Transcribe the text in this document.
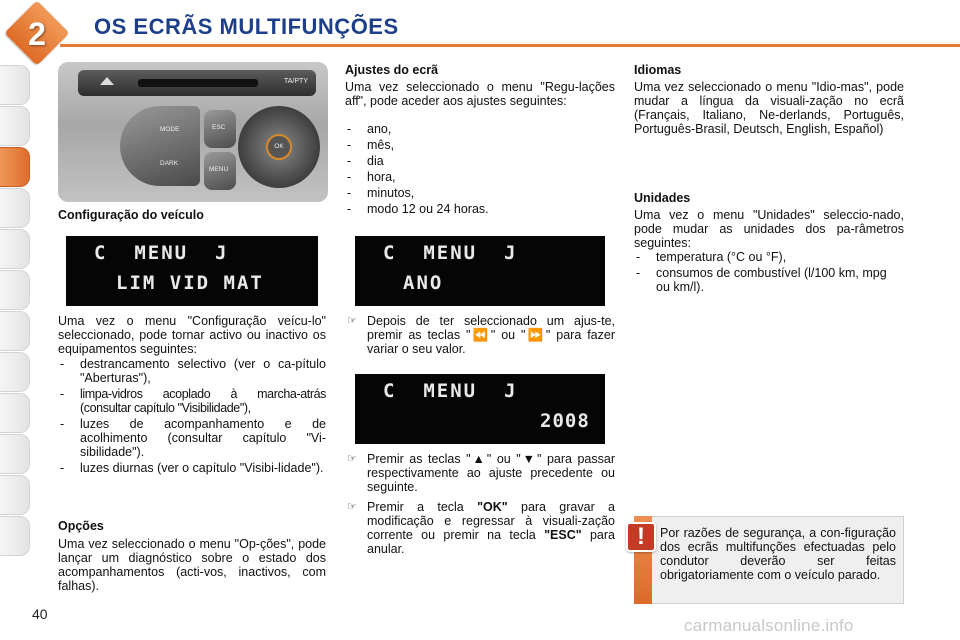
2	OS ECRÃS MULTIFUNÇÕES
TA/PTY
MODE
DARK
ESC
MENU
OK
Configuração do veículo
C  MENU  J
LIM VID MAT
Uma vez o menu "Configuração veícu-lo" seleccionado, pode tornar activo ou inactivo os equipamentos seguintes:
- destrancamento selectivo (ver o ca-pítulo "Aberturas"),
- limpa-vidros acoplado à marcha-atrás (consultar capítulo "Visibilidade"),
- luzes de acompanhamento e de acolhimento (consultar capítulo "Vi-sibilidade").
- luzes diurnas (ver o capítulo "Visibi-lidade").
Opções
Uma vez seleccionado o menu "Op-ções", pode lançar um diagnóstico sobre o estado dos acompanhamentos (acti-vos, inactivos, com falhas).
Ajustes do ecrã
Uma vez seleccionado o menu "Regu-lações aff", pode aceder aos ajustes seguintes:
- ano,
- mês,
- dia
- hora,
- minutos,
- modo 12 ou 24 horas.
C  MENU  J
ANO
☞ Depois de ter seleccionado um ajus-te, premir as teclas "⏪" ou "⏩" para fazer variar o seu valor.
C  MENU  J
2008
☞ Premir as teclas "▲" ou "▼" para passar respectivamente ao ajuste precedente ou seguinte.
☞ Premir a tecla "OK" para gravar a modificação e regressar à visuali-zação corrente ou premir na tecla "ESC" para anular.
Idiomas
Uma vez seleccionado o menu "Idio-mas", pode mudar a língua da visuali-zação no ecrã (Français, Italiano, Ne-derlands, Português, Português-Brasil, Deutsch, English, Español)
Unidades
Uma vez o menu "Unidades" seleccio-nado, pode mudar as unidades dos pa-râmetros seguintes:
- temperatura (°C ou °F),
- consumos de combustível (l/100 km, mpg ou km/l).
!	Por razões de segurança, a con-figuração dos ecrãs multifunções efectuadas pelo condutor deverão ser feitas obrigatoriamente com o veículo parado.
40
carmanualsonline.info
